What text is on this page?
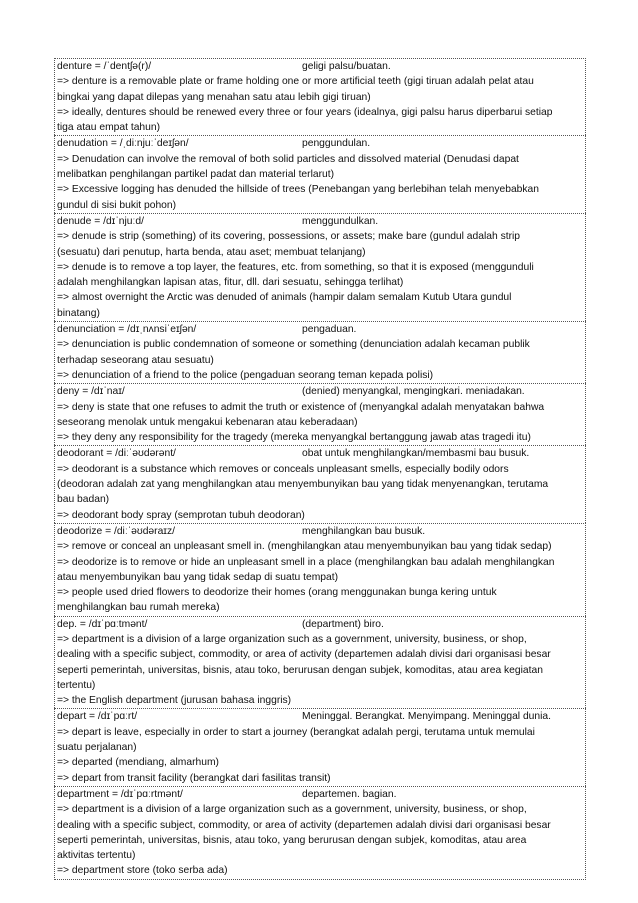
denture = /ˈdentʃə(r)/	geligi palsu/buatan.
=> denture is a removable plate or frame holding one or more artificial teeth (gigi tiruan adalah pelat atau
bingkai yang dapat dilepas yang menahan satu atau lebih gigi tiruan)
=> ideally, dentures should be renewed every three or four years (idealnya, gigi palsu harus diperbarui setiap
tiga atau empat tahun)
denudation = /ˌdiːnjuːˈdeɪʃən/	penggundulan.
=> Denudation can involve the removal of both solid particles and dissolved material (Denudasi dapat
melibatkan penghilangan partikel padat dan material terlarut)
=> Excessive logging has denuded the hillside of trees (Penebangan yang berlebihan telah menyebabkan
gundul di sisi bukit pohon)
denude = /dɪˈnjuːd/	menggundulkan.
=> denude is strip (something) of its covering, possessions, or assets; make bare (gundul adalah strip
(sesuatu) dari penutup, harta benda, atau aset; membuat telanjang)
=> denude is to remove a top layer, the features, etc. from something, so that it is exposed (menggunduli
adalah menghilangkan lapisan atas, fitur, dll. dari sesuatu, sehingga terlihat)
=> almost overnight the Arctic was denuded of animals (hampir dalam semalam Kutub Utara gundul
binatang)
denunciation = /dɪˌnʌnsiˈeɪʃən/	pengaduan.
=> denunciation is public condemnation of someone or something (denunciation adalah kecaman publik
terhadap seseorang atau sesuatu)
=> denunciation of a friend to the police (pengaduan seorang teman kepada polisi)
deny = /dɪˈnaɪ/	(denied) menyangkal, mengingkari. meniadakan.
=> deny is state that one refuses to admit the truth or existence of (menyangkal adalah menyatakan bahwa
seseorang menolak untuk mengakui kebenaran atau keberadaan)
=> they deny any responsibility for the tragedy (mereka menyangkal bertanggung jawab atas tragedi itu)
deodorant = /diːˈəʊdərənt/	obat untuk menghilangkan/membasmi bau busuk.
=> deodorant is a substance which removes or conceals unpleasant smells, especially bodily odors
(deodoran adalah zat yang menghilangkan atau menyembunyikan bau yang tidak menyenangkan, terutama
bau badan)
=> deodorant body spray (semprotan tubuh deodoran)
deodorize = /diːˈəʊdəraɪz/	menghilangkan bau busuk.
=> remove or conceal an unpleasant smell in. (menghilangkan atau menyembunyikan bau yang tidak sedap)
=> deodorize is to remove or hide an unpleasant smell in a place (menghilangkan bau adalah menghilangkan
atau menyembunyikan bau yang tidak sedap di suatu tempat)
=> people used dried flowers to deodorize their homes (orang menggunakan bunga kering untuk
menghilangkan bau rumah mereka)
dep. = /dɪˈpɑːtmənt/	(department) biro.
=> department is a division of a large organization such as a government, university, business, or shop,
dealing with a specific subject, commodity, or area of activity (departemen adalah divisi dari organisasi besar
seperti pemerintah, universitas, bisnis, atau toko, berurusan dengan subjek, komoditas, atau area kegiatan
tertentu)
=> the English department (jurusan bahasa inggris)
depart = /dɪˈpɑːrt/	Meninggal. Berangkat. Menyimpang. Meninggal dunia.
=> depart is leave, especially in order to start a journey (berangkat adalah pergi, terutama untuk memulai
suatu perjalanan)
=> departed (mendiang, almarhum)
=> depart from transit facility (berangkat dari fasilitas transit)
department = /dɪˈpɑːrtmənt/	departemen. bagian.
=> department is a division of a large organization such as a government, university, business, or shop,
dealing with a specific subject, commodity, or area of activity (departemen adalah divisi dari organisasi besar
seperti pemerintah, universitas, bisnis, atau toko, yang berurusan dengan subjek, komoditas, atau area
aktivitas tertentu)
=> department store (toko serba ada)
